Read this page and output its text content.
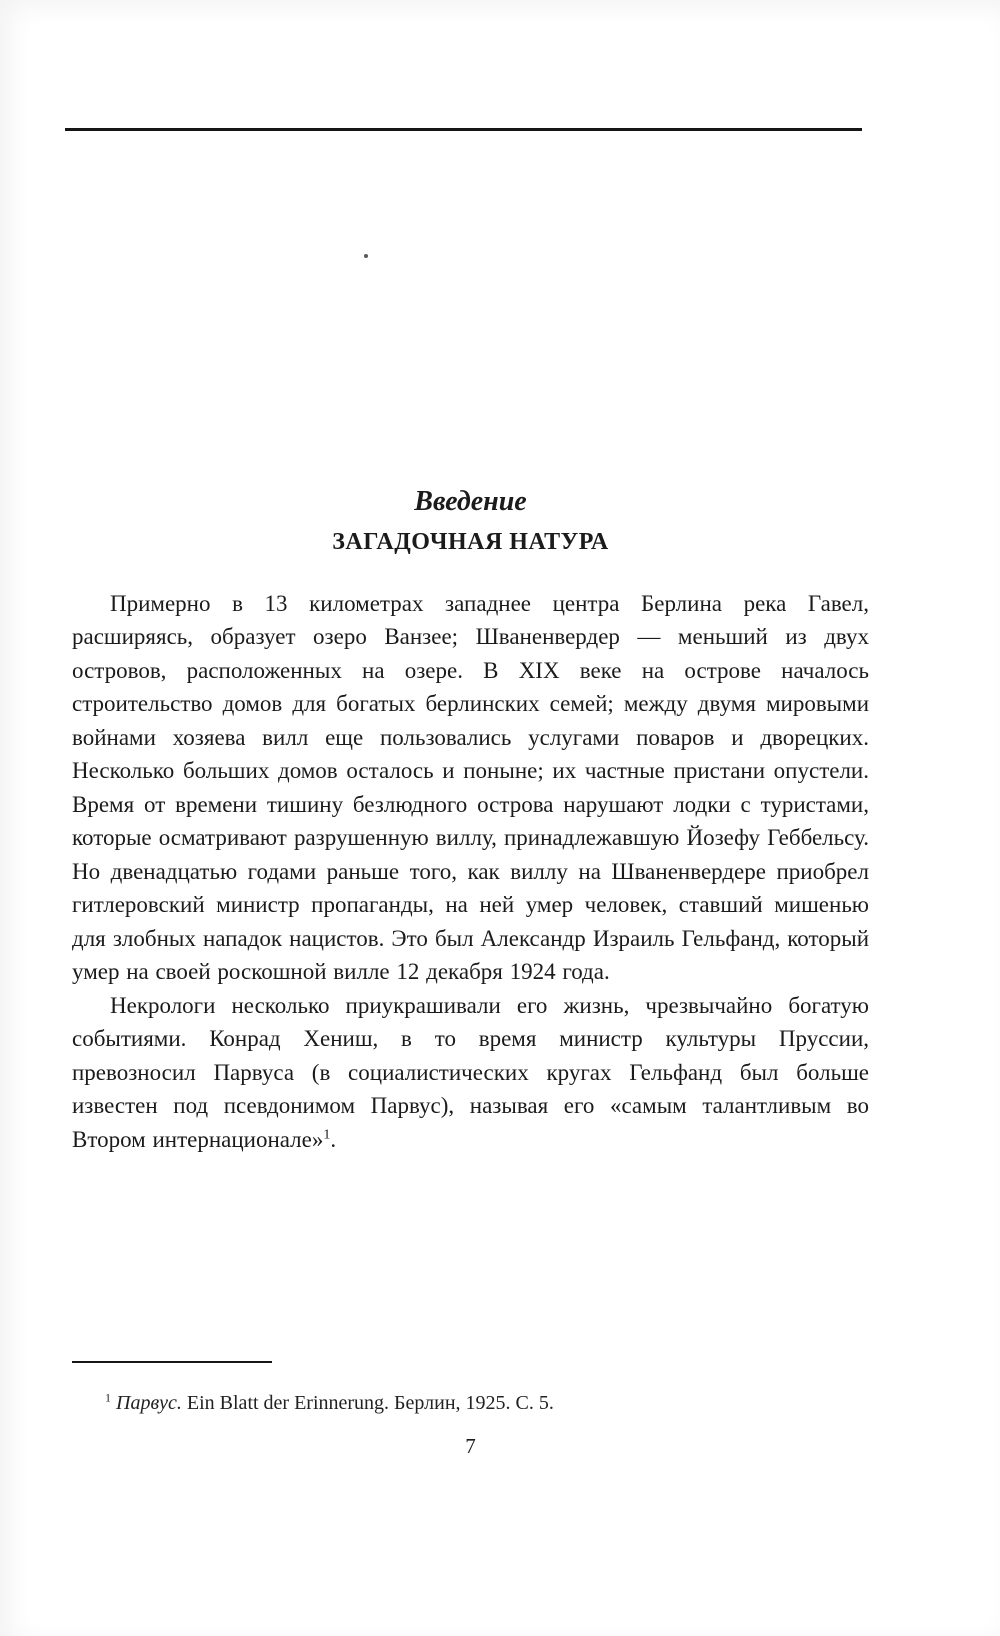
Введение
ЗАГАДОЧНАЯ НАТУРА

Примерно в 13 километрах западнее центра Берлина река Гавел, расширяясь, образует озеро Ванзее; Шваненвердер — меньший из двух островов, расположенных на озере. В XIX веке на острове началось строительство домов для богатых берлинских семей; между двумя мировыми войнами хозяева вилл еще пользовались услугами поваров и дворецких. Несколько больших домов осталось и поныне; их частные пристани опустели. Время от времени тишину безлюдного острова нарушают лодки с туристами, которые осматривают разрушенную виллу, принадлежавшую Йозефу Геббельсу. Но двенадцатью годами раньше того, как виллу на Шваненвердере приобрел гитлеровский министр пропаганды, на ней умер человек, ставший мишенью для злобных нападок нацистов. Это был Александр Израиль Гельфанд, который умер на своей роскошной вилле 12 декабря 1924 года.

Некрологи несколько приукрашивали его жизнь, чрезвычайно богатую событиями. Конрад Хениш, в то время министр культуры Пруссии, превозносил Парвуса (в социалистических кругах Гельфанд был больше известен под псевдонимом Парвус), называя его «самым талантливым во Втором интернационале»$^1$.

$^1$ Парвус. Ein Blatt der Erinnerung. Берлин, 1925. С. 5.
7
